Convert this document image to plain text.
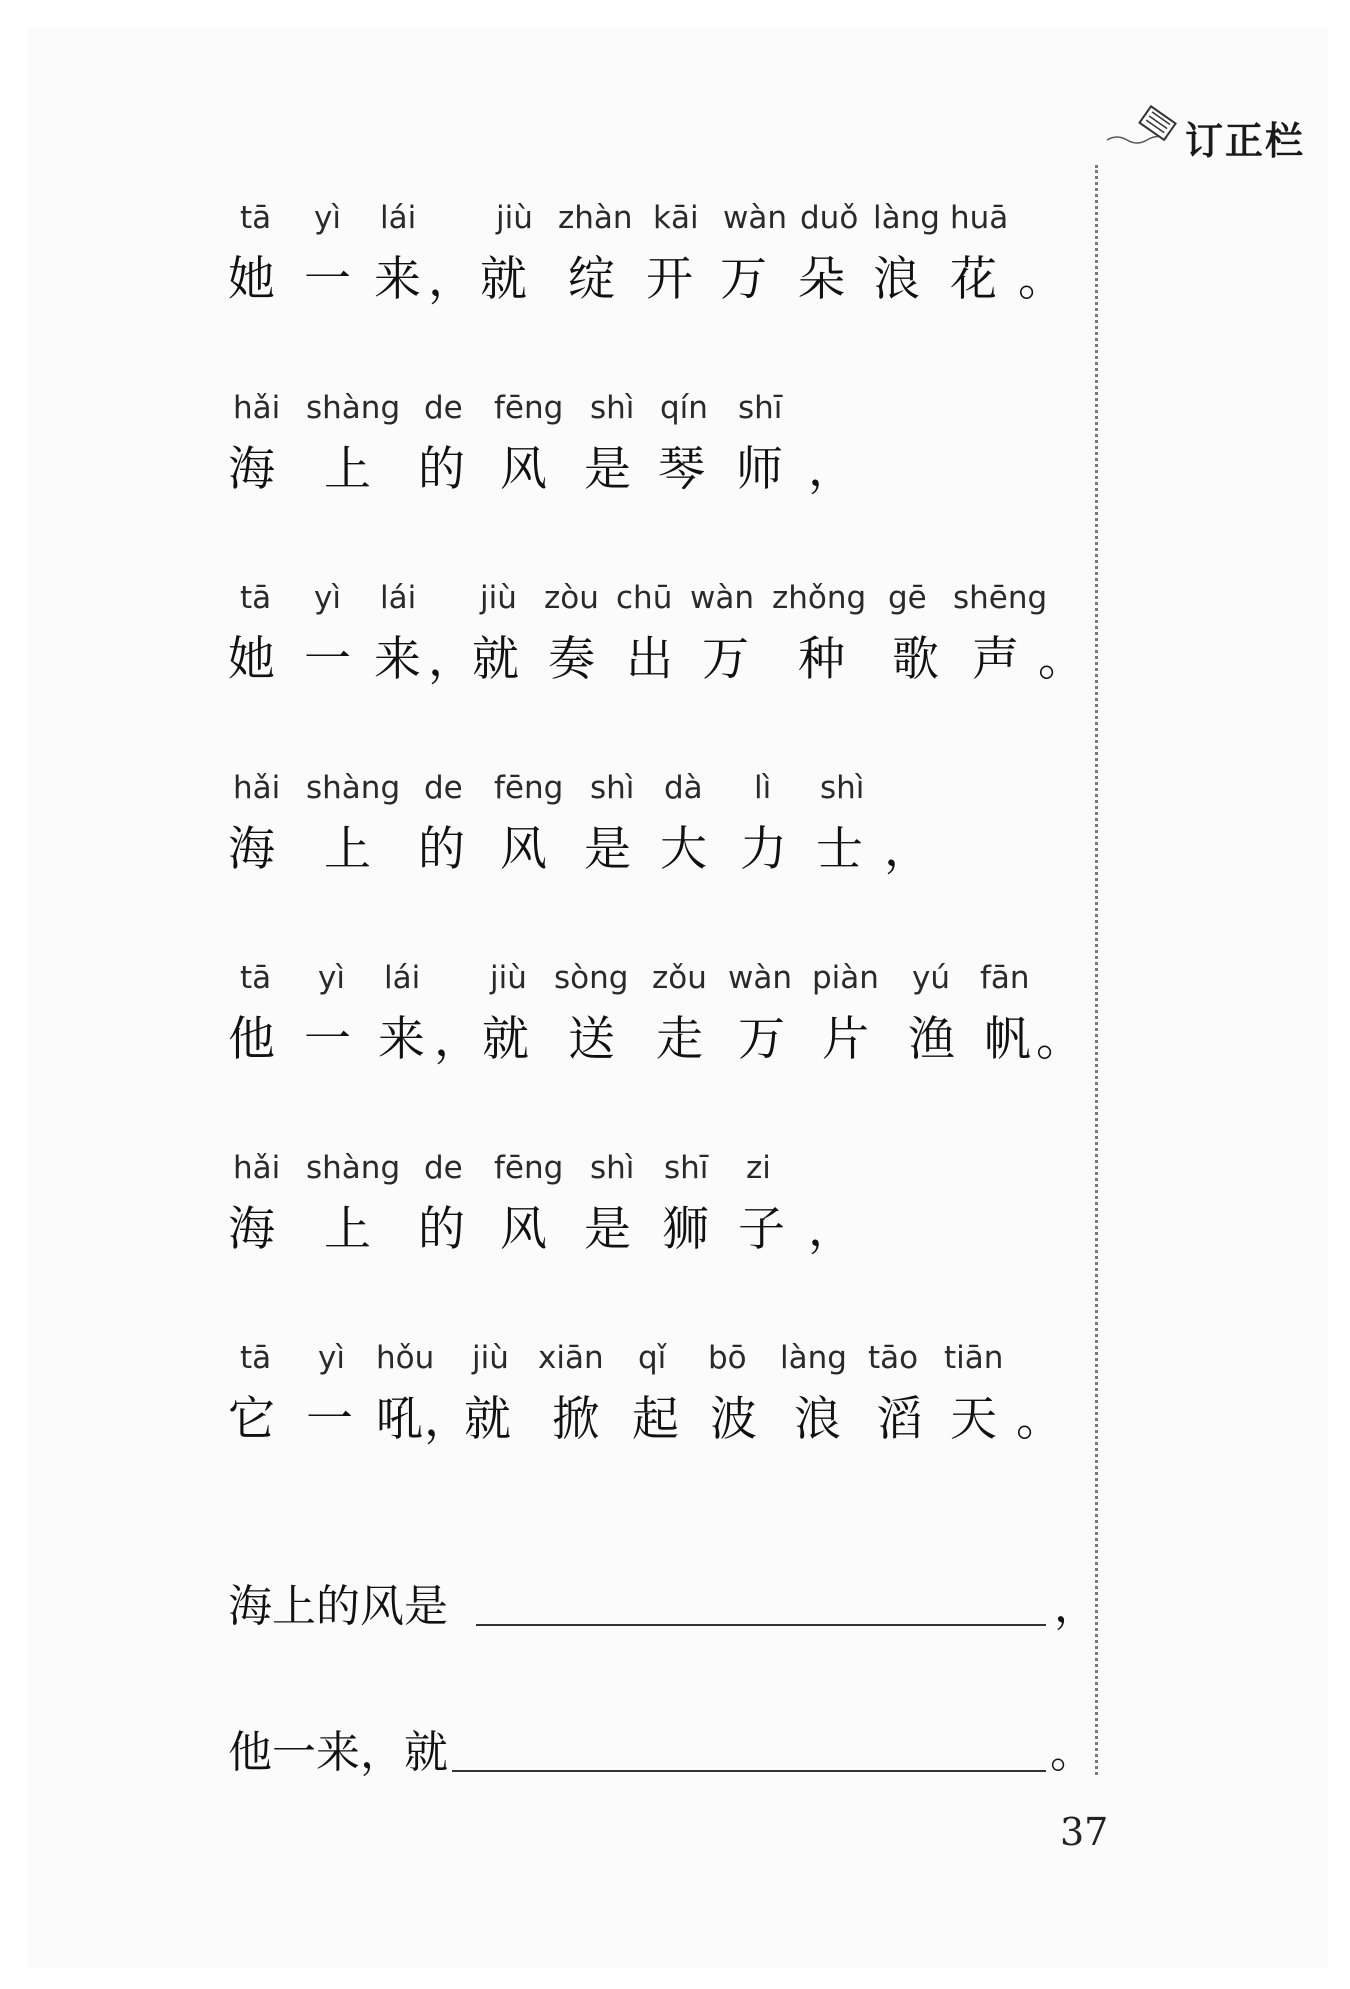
订正栏
tā yì lái	jiù zhàn kāi wàn duǒ làng huā
她 一 来 ， 就 绽 开 万 朵 浪 花 。
hǎi shàng de fēng shì qín shī
海 上 的 风 是 琴 师 ，
tā yì lái jiù zòu chū wàn zhǒng gē shēng
她 一 来 ，
就 奏 出 万 种 歌 声 。
hǎi shàng de fēng shì dà lì shì
海 上 的 风 是 大 力 士 ，
tā yì lái jiù sòng zǒu wàn piàn yú fān
他 一 来 ， 就 送 走 万 片 渔 帆 。
hǎi shàng de fēng shì shī zi
海 上 的 风 是 狮 子 ，
tā yì hǒu jiù xiān qǐ bō làng tāo tiān
它 一 吼 ，
就 掀 起 波 浪 滔 天 。
海上的风是	，
他一来，就	。
37
